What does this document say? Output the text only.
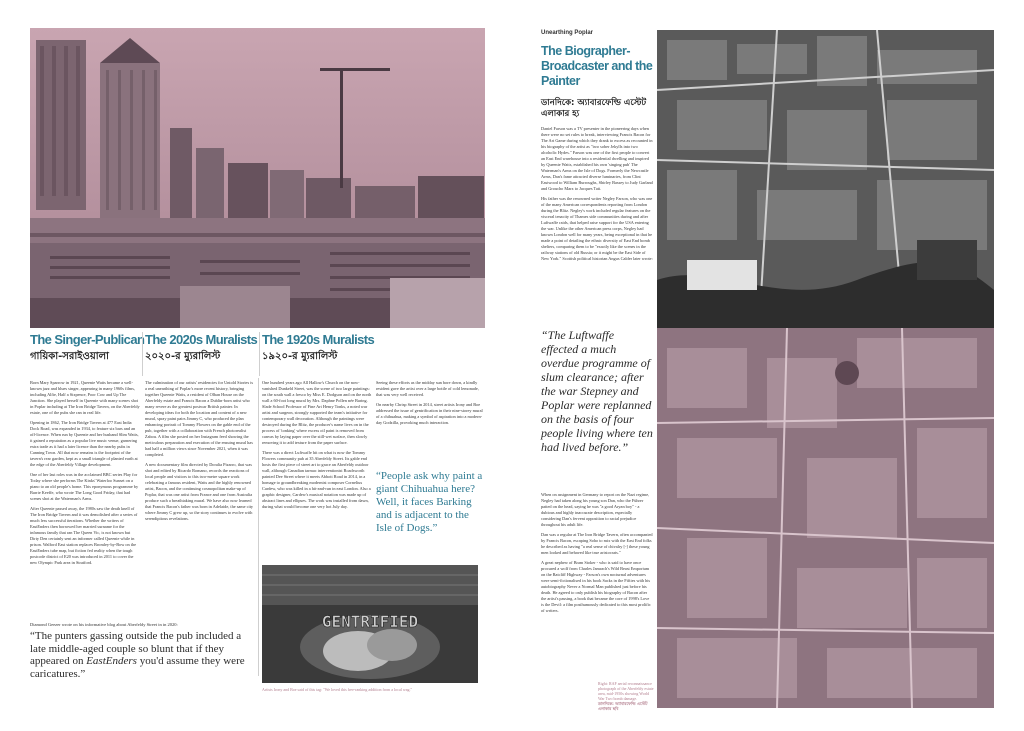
The Singer-Publican
গায়িকা-সরাইওয়ালা
The 2020s Muralists
২০২০-র ম্যুরালিস্ট
The 1920s Muralists
১৯২০-র ম্যুরালিস্ট

Born Mary Sparrow in 1921, Queenie Watts became a well-known jazz and blues singer, appearing in many 1960s films, including Alfie, Half a Sixpence, Poor Cow and Up The Junction. She played herself in Queenie with many scenes shot in Poplar including at The Iron Bridge Tavern, on the Aberfeldy estate, one of the pubs she ran in real life.

Opening in 1862, The Iron Bridge Tavern at 477 East India Dock Road, was expanded in 1934, to feature six bars and an off-licence. When run by Queenie and her husband Slim Watts, it gained a reputation as a popular live music venue, garnering extra trade as it had a later licence than the nearby pubs in Canning Town. All that now remains is the footprint of the tavern's rear garden, kept as a small triangle of planted earth at the edge of the Aberfeldy Village development.

One of her last roles was in the acclaimed BBC series Play for Today where she performs The Kinks' Waterloo Sunset on a piano to an old people's home. This eponymous programme by Barrie Keeffe, who wrote The Long Good Friday, that had scenes shot at the Waterman's Arms.

After Queenie passed away, the 1980s saw the death knell of The Iron Bridge Tavern and it was demolished after a series of much less successful iterations. Whether the writers of EastEnders then borrowed her married surname for the infamous family that ran The Queen Vic, is not known but Dirty Den certainly sent an informer called Queenie while in prison. Walford East station replaces Bromley-by-Bow on the EastEnders tube map, but fiction fed reality when the tough postcode district of E20 was introduced in 2011 to cover the new Olympic Park area in Stratford.

The culmination of our artists' residencies for Untold Stories is a real unearthing of Poplar's more recent history, bringing together Queenie Watts, a resident of Olban House on the Aberfeldy estate and Francis Bacon a Dublin-born artist who many revere as the greatest postwar British painter. In developing ideas for both the location and content of a new mural, spray paint pairs Jimmy C, who produced the plan enhancing portrait of Tommy Flowers on the gable end of the pub, together with a collaboration with French photorealist Zabou. A film she posted on her Instagram feed showing the meticulous preparation and execution of the ensuing mural has had half a million views since November 2021, when it was completed.

A new documentary film directed by Doralia Pizarro, that was shot and edited by Ricardo Romano, records the reactions of local people and visitors to this two-metre square work celebrating a famous resident, Watts and the highly renowned artist, Bacon, and the continuing cosmopolitan make-up of Poplar, that was one artist from France and one from Australia produce such a breathtaking mural. We have also now learned that Francis Bacon's father was born in Adelaide, the same city where Jimmy C grew up, so the story continues to evolve with serendipitous revelations.

One hundred years ago All Hallow's Church on the now-vanished Dunkeld Street, was the scene of two large paintings: on the south wall a fresco by Miss E. Dodgson and on the north wall a 60-foot long mural by Mrs. Daphne Pollen née Baring. Slade School Professor of Fine Art Henry Tonks, a noted war artist and surgeon, strongly supported the team's initiative for contemporary wall decoration. Although the paintings were destroyed during the Blitz, the producer's name lives on in the process of 'tonking' where excess oil paint is removed from canvas by laying paper over the still-wet surface, then slowly removing it to add texture from the paper surface.

There was a direct Luftwaffe hit on what is now the Tommy Flowers community pub at 35 Aberfeldy Street. Its gable end hosts the first piece of street art to grace an Aberfeldy outdoor wall, although Canadian tarmac interventionist Roadsworth painted Dee Street where it meets Abbott Road in 2014, in a homage to groundbreaking modernist composer Cornelius Cardew, who was killed in a hit-and-run in east London. Also a graphic designer, Cardew's musical notation was made up of abstract lines and ellipses. The work was installed from dawn, during what would become one very hot July day.

Seeing these efforts as the midday sun bore down, a kindly resident gave the artist over a large bottle of cold lemonade, that was very well received.

On nearby Chrisp Street in 2014, street artists Irony and Boe addressed the issue of gentrification in their nine-storey mural of a chihuahua, making a symbol of aspiration into a modern-day Godzilla, provoking much interaction.

“People ask why paint a giant Chihuahua here? Well, it faces Barking and is adjacent to the Isle of Dogs.”
Diamond Geezer wrote on his informative blog about Aberfeldy Street in in 2020:
“The punters gassing outside the pub included a late middle-aged couple so blunt that if they appeared on EastEnders you'd assume they were caricatures.”
GENTRIFIED
Artists Irony and Boe said of this tag: "We loved this free-ranking addition from a local wag."
Unearthing Poplar
The Biographer-Broadcaster and the Painter
ডানদিকে: অ্যাবারফেল্ডি এস্টেট এলাকার হ্য

Daniel Farson was a TV presenter in the pioneering days when there were no set rules to break, interviewing Francis Bacon for The Art Game during which they drank to excess as recounted in his biography of the artist as "two sober Jekylls into two alcoholic Hydes." Farson was one of the first people to convert an East End warehouse into a residential dwelling and inspired by Queenie Watts, established his own 'singing pub' The Waterman's Arms on the Isle of Dogs. Formerly the Newcastle Arms, Dan's fame attracted diverse luminaries, from Clint Eastwood to William Burroughs, Shirley Bassey to Judy Garland and Groucho Marx to Jacques Tati.

His father was the renowned writer Negley Farson, who was one of the many American correspondents reporting from London during the Blitz. Negley's work included regular features on the visceral tenacity of Thames side communities during and after Luftwaffe raids, that helped raise support for the USA entering the war. Unlike the other American press corps, Negley had known London well for many years, being exceptional in that he made a point of detailing the ethnic diversity of East End bomb shelters, comparing them to be "exactly like the scenes in the railway stations of old Russia; or it might be the East Side of New York." Scottish political historian Angus Calder later wrote:

“The Luftwaffe effected a much overdue programme of slum clearance; after the war Stepney and Poplar were replanned on the basis of four people living where ten had lived before.”

When on assignment in Germany to report on the Nazi regime, Negley had taken along his young son Dan, who the Führer patted on the head, saying he was "a good Aryan boy" - a dubious and highly inaccurate description, especially considering Dan's fervent opposition to racial prejudice throughout his adult life.

Dan was a regular at The Iron Bridge Tavern, often accompanied by Francis Bacon, escaping Soho to mix with the East End folks he described as having "a real sense of chivalry [-] these young men looked and behaved like true aristocrats."

A great nephew of Bram Stoker - who is said to have once procured a wolf from Charles Jamrach's Wild Beast Emporium on the Ratcliff Highway - Farson's own nocturnal adventures were semi-fictionalised in his book Sacks in the Fifties with his autobiography Never a Normal Man published just before his death. He agreed to only publish his biography of Bacon after the artist's passing, a book that became the core of 1998's Love is the Devil: a film posthumously dedicated to this most prolific of writers.

Right: RAF aerial reconnaissance photograph of the Aberfeldy estate area, mid-1950s showing World War Two bomb damage.
ডানদিকে: অ্যাবারফেল্ডি এস্টেট এলাকার ছবি
